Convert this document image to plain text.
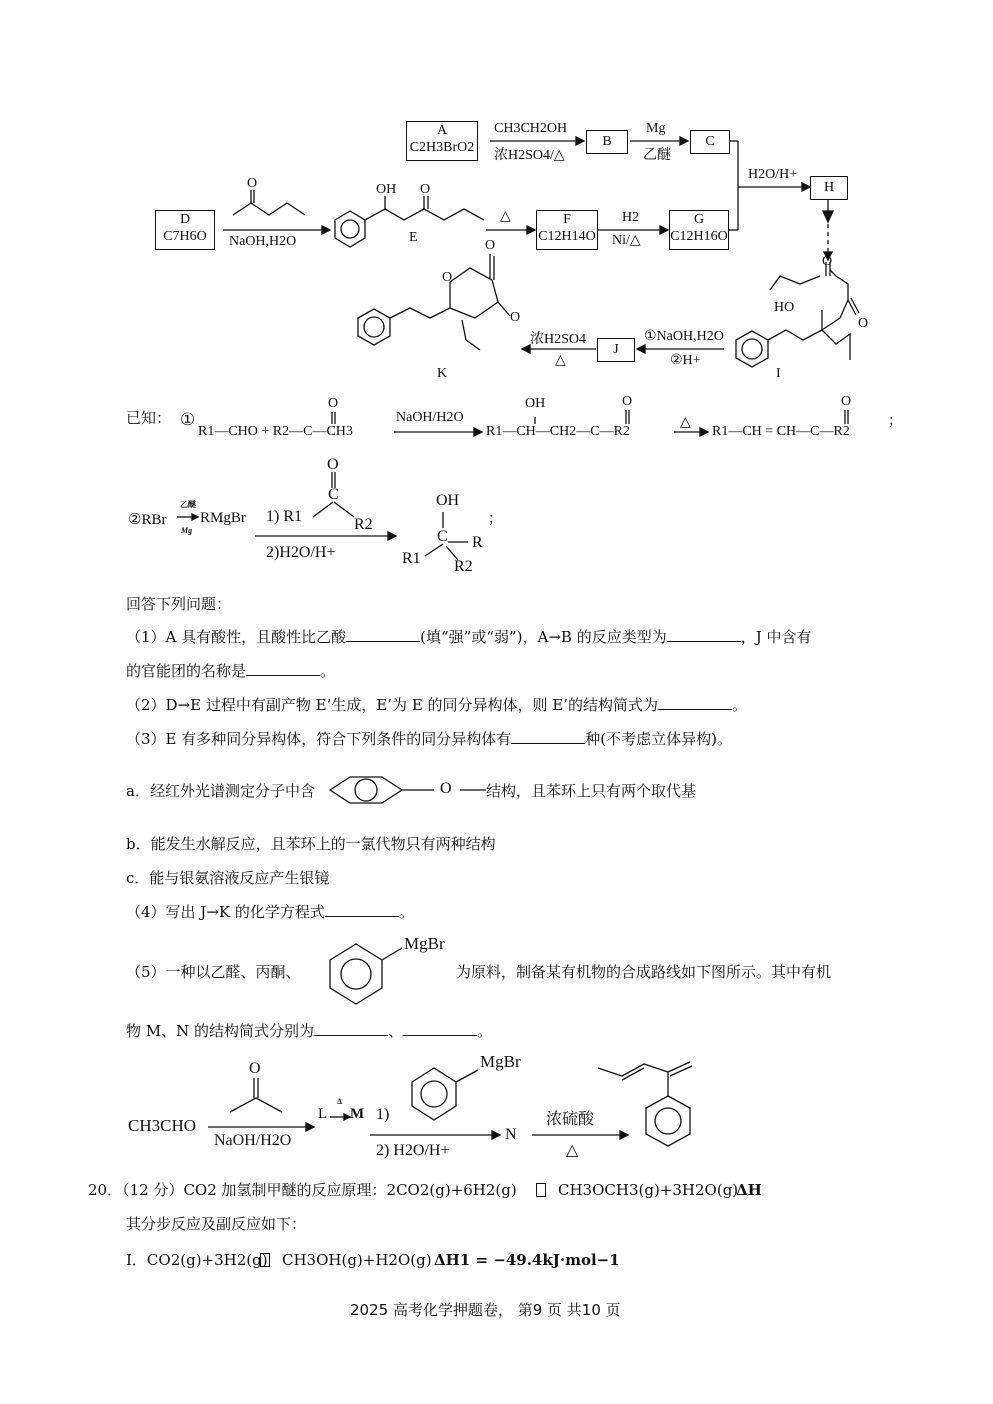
A
C2H3BrO2	B	C
D
C7H6O
F
C12H14O
G
C12H16O
H
J
CH3CH2OH
浓H2SO4/△
Mg
乙醚
H2O/H+
NaOH,H2O
O	OH O
E
△	H2
Ni/△
HO
O
O
I
①NaOH,H2O
②H+
浓H2SO4
△
O
O
O
K
已知： ①
R1—CHO + R2—C—CH3
O
NaOH/H2O
OH	O
R1—CH—CH2—C—R2
△
O
R1—CH = CH—C—R2
；
②RBr
乙醚
Mg
RMgBr
O
C
1) R1	R2
2)H2O/H+
OH
C R
R1 R2
；
回答下列问题：
（1）A 具有酸性，且酸性比乙酸	(填“强”或“弱”)，A→B 的反应类型为	，J 中含有
的官能团的名称是	。
（2）D→E 过程中有副产物 E’生成，E’为 E 的同分异构体，则 E’的结构简式为	。
（3）E 有多种同分异构体，符合下列条件的同分异构体有	种(不考虑立体异构)。
a．经红外光谱测定分子中含	O 结构，且苯环上只有两个取代基
b．能发生水解反应，且苯环上的一氯代物只有两种结构
c．能与银氨溶液反应产生银镜
（4）写出 J→K 的化学方程式	。
（5）一种以乙醛、丙酮、
MgBr
为原料，制备某有机物的合成路线如下图所示。其中有机
物 M、N 的结构简式分别为	、	。
CH3CHO
O
NaOH/H2O
L
Δ
M 1)
MgBr
2) H2O/H+
N
浓硫酸
△
20．（12 分）CO2 加氢制甲醚的反应原理：2CO2(g)+6H2(g)	CH3OCH3(g)+3H2O(g)
ΔH
其分步反应及副反应如下：
I．CO2(g)+3H2(g) CH3OH(g)+H2O(g) ΔH1 = −49.4kJ·mol−1
2025 高考化学押题卷， 第9 页 共10 页
